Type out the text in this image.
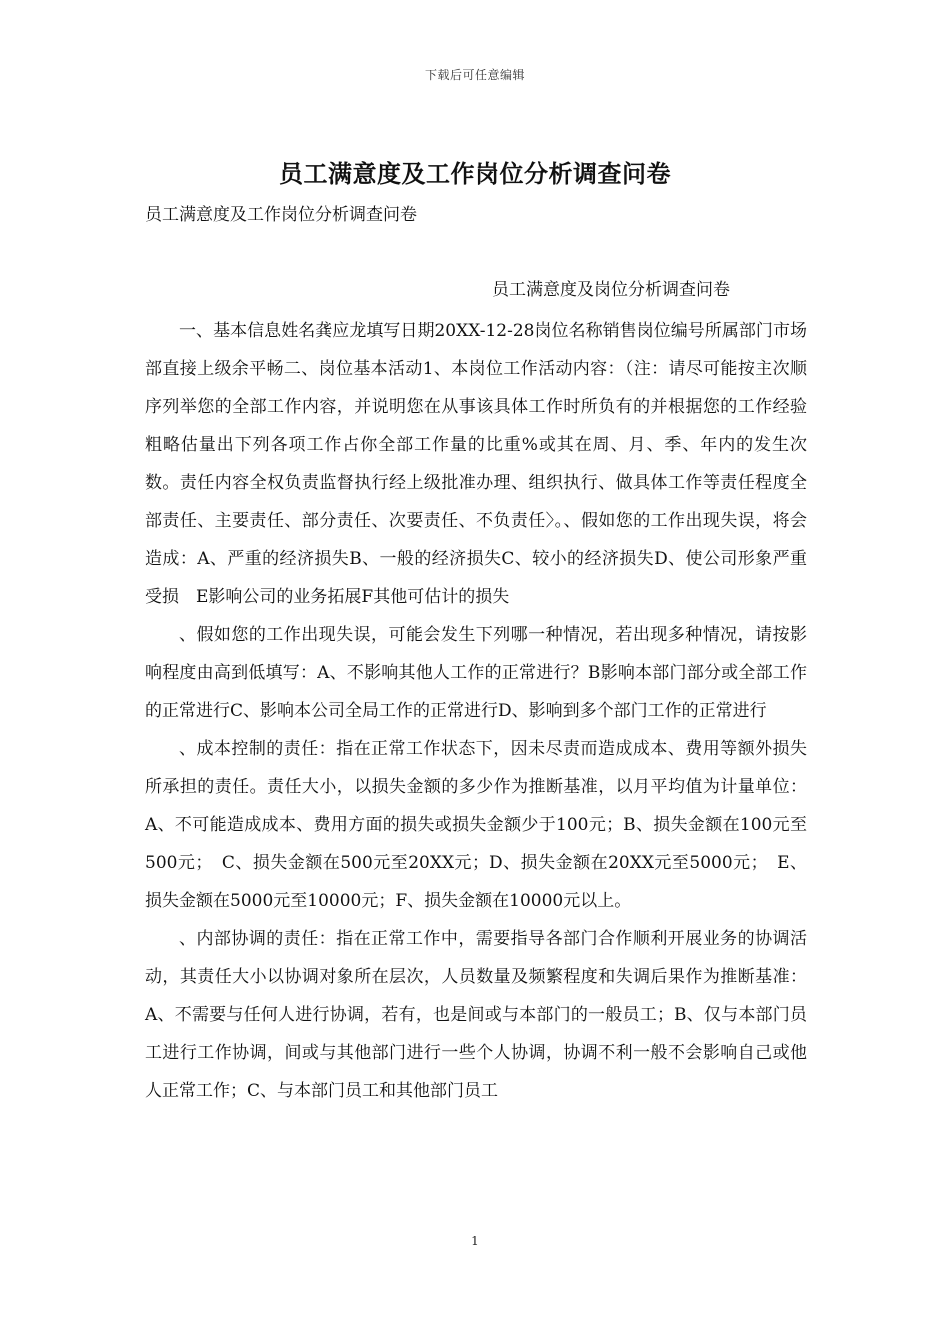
下载后可任意编辑
员工满意度及工作岗位分析调查问卷
员工满意度及工作岗位分析调查问卷
员工满意度及岗位分析调查问卷

一、基本信息姓名龚应龙填写日期20XX-12-28岗位名称销售岗位编号所属部门市场部直接上级余平畅二、岗位基本活动1、本岗位工作活动内容：（注：请尽可能按主次顺序列举您的全部工作内容，并说明您在从事该具体工作时所负有的并根据您的工作经验粗略估量出下列各项工作占你全部工作量的比重%或其在周、月、季、年内的发生次数。责任内容全权负责监督执行经上级批准办理、组织执行、做具体工作等责任程度全部责任、主要责任、部分责任、次要责任、不负责任〉。、假如您的工作出现失误，将会造成：A、严重的经济损失B、一般的经济损失C、较小的经济损失D、使公司形象严重受损　E影响公司的业务拓展F其他可估计的损失

、假如您的工作出现失误，可能会发生下列哪一种情况，若出现多种情况，请按影响程度由高到低填写：A、不影响其他人工作的正常进行？B影响本部门部分或全部工作的正常进行C、影响本公司全局工作的正常进行D、影响到多个部门工作的正常进行

、成本控制的责任：指在正常工作状态下，因未尽责而造成成本、费用等额外损失所承担的责任。责任大小，以损失金额的多少作为推断基准，以月平均值为计量单位：A、不可能造成成本、费用方面的损失或损失金额少于100元；B、损失金额在100元至500元；　C、损失金额在500元至20XX元；D、损失金额在20XX元至5000元；　E、损失金额在5000元至10000元；F、损失金额在10000元以上。

、内部协调的责任：指在正常工作中，需要指导各部门合作顺利开展业务的协调活动，其责任大小以协调对象所在层次，人员数量及频繁程度和失调后果作为推断基准：A、不需要与任何人进行协调，若有，也是间或与本部门的一般员工；B、仅与本部门员工进行工作协调，间或与其他部门进行一些个人协调，协调不利一般不会影响自己或他人正常工作；C、与本部门员工和其他部门员工

1
